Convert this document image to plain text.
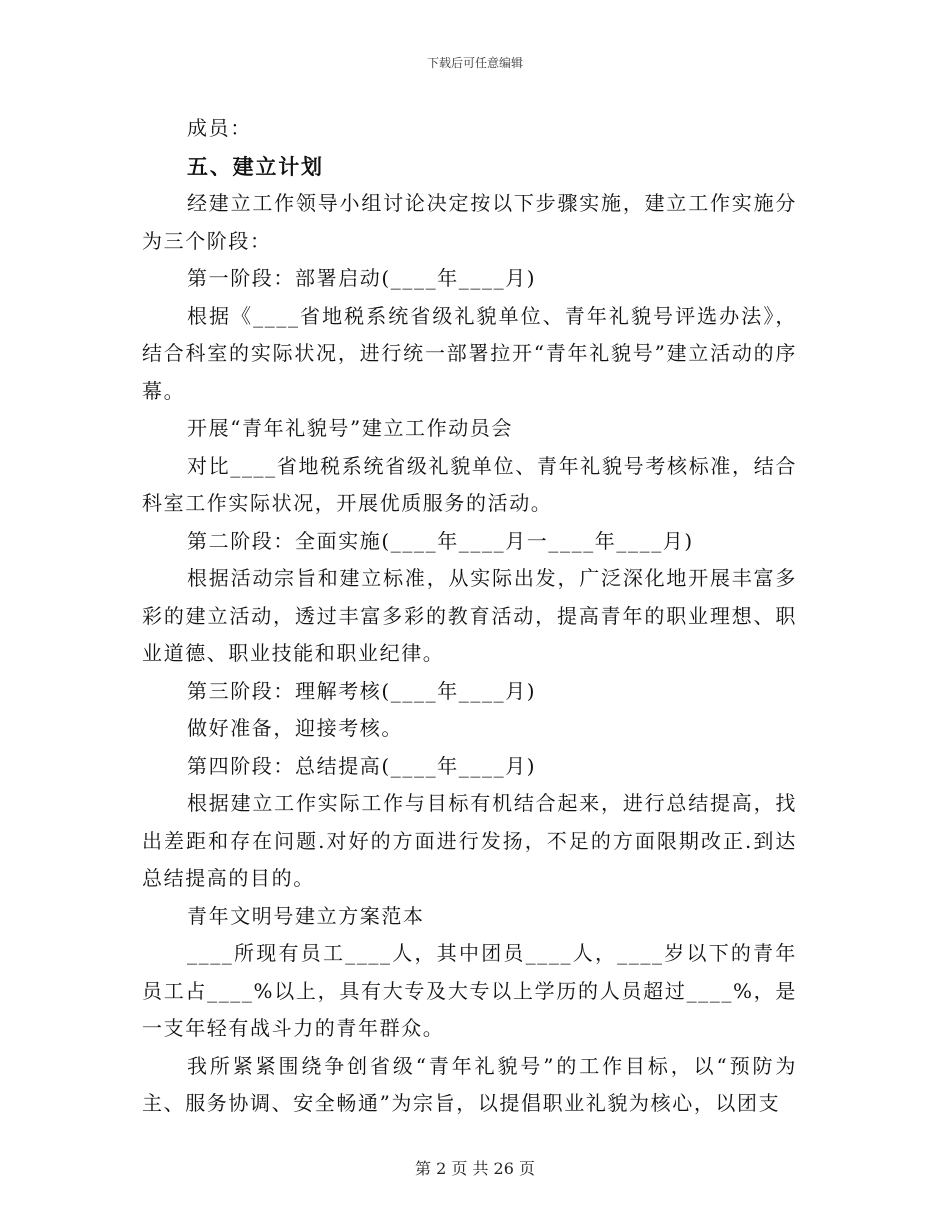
下载后可任意编辑

成员：

五、建立计划

经建立工作领导小组讨论决定按以下步骤实施，建立工作实施分为三个阶段：

第一阶段：部署启动(____年____月)

根据《____省地税系统省级礼貌单位、青年礼貌号评选办法》，结合科室的实际状况，进行统一部署拉开“青年礼貌号”建立活动的序幕。

开展“青年礼貌号”建立工作动员会

对比____省地税系统省级礼貌单位、青年礼貌号考核标准，结合科室工作实际状况，开展优质服务的活动。

第二阶段：全面实施(____年____月一____年____月)

根据活动宗旨和建立标准，从实际出发，广泛深化地开展丰富多彩的建立活动，透过丰富多彩的教育活动，提高青年的职业理想、职业道德、职业技能和职业纪律。

第三阶段：理解考核(____年____月)

做好准备，迎接考核。

第四阶段：总结提高(____年____月)

根据建立工作实际工作与目标有机结合起来，进行总结提高，找出差距和存在问题.对好的方面进行发扬，不足的方面限期改正.到达总结提高的目的。

青年文明号建立方案范本

____所现有员工____人，其中团员____人，____岁以下的青年员工占____%以上，具有大专及大专以上学历的人员超过____%，是一支年轻有战斗力的青年群众。

我所紧紧围绕争创省级“青年礼貌号”的工作目标，以“预防为主、服务协调、安全畅通”为宗旨，以提倡职业礼貌为核心，以团支

第 2 页 共 26 页
